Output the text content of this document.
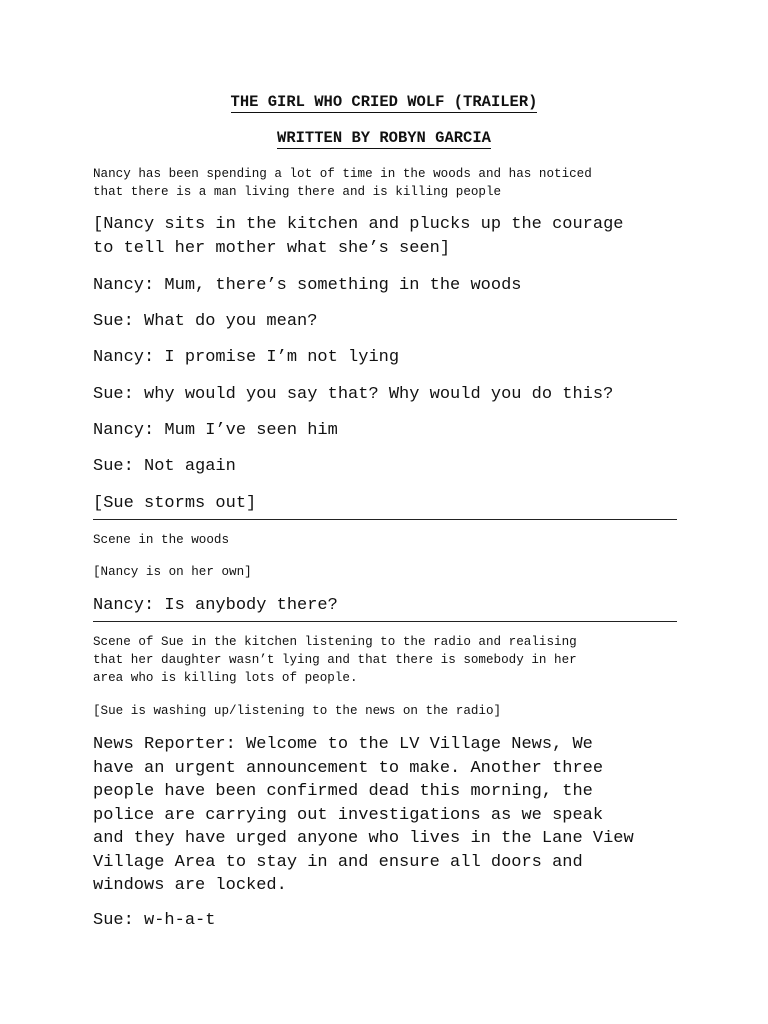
THE GIRL WHO CRIED WOLF (TRAILER)
WRITTEN BY ROBYN GARCIA

Nancy has been spending a lot of time in the woods and has noticed
that there is a man living there and is killing people

[Nancy sits in the kitchen and plucks up the courage
to tell her mother what she’s seen]

Nancy: Mum, there’s something in the woods

Sue: What do you mean?

Nancy: I promise I’m not lying

Sue: why would you say that? Why would you do this?

Nancy: Mum I’ve seen him

Sue: Not again

[Sue storms out]

Scene in the woods

[Nancy is on her own]

Nancy: Is anybody there?

Scene of Sue in the kitchen listening to the radio and realising
that her daughter wasn’t lying and that there is somebody in her
area who is killing lots of people.

[Sue is washing up/listening to the news on the radio]

News Reporter: Welcome to the LV Village News, We
have an urgent announcement to make. Another three
people have been confirmed dead this morning, the
police are carrying out investigations as we speak
and they have urged anyone who lives in the Lane View
Village Area to stay in and ensure all doors and
windows are locked.

Sue: w-h-a-t
